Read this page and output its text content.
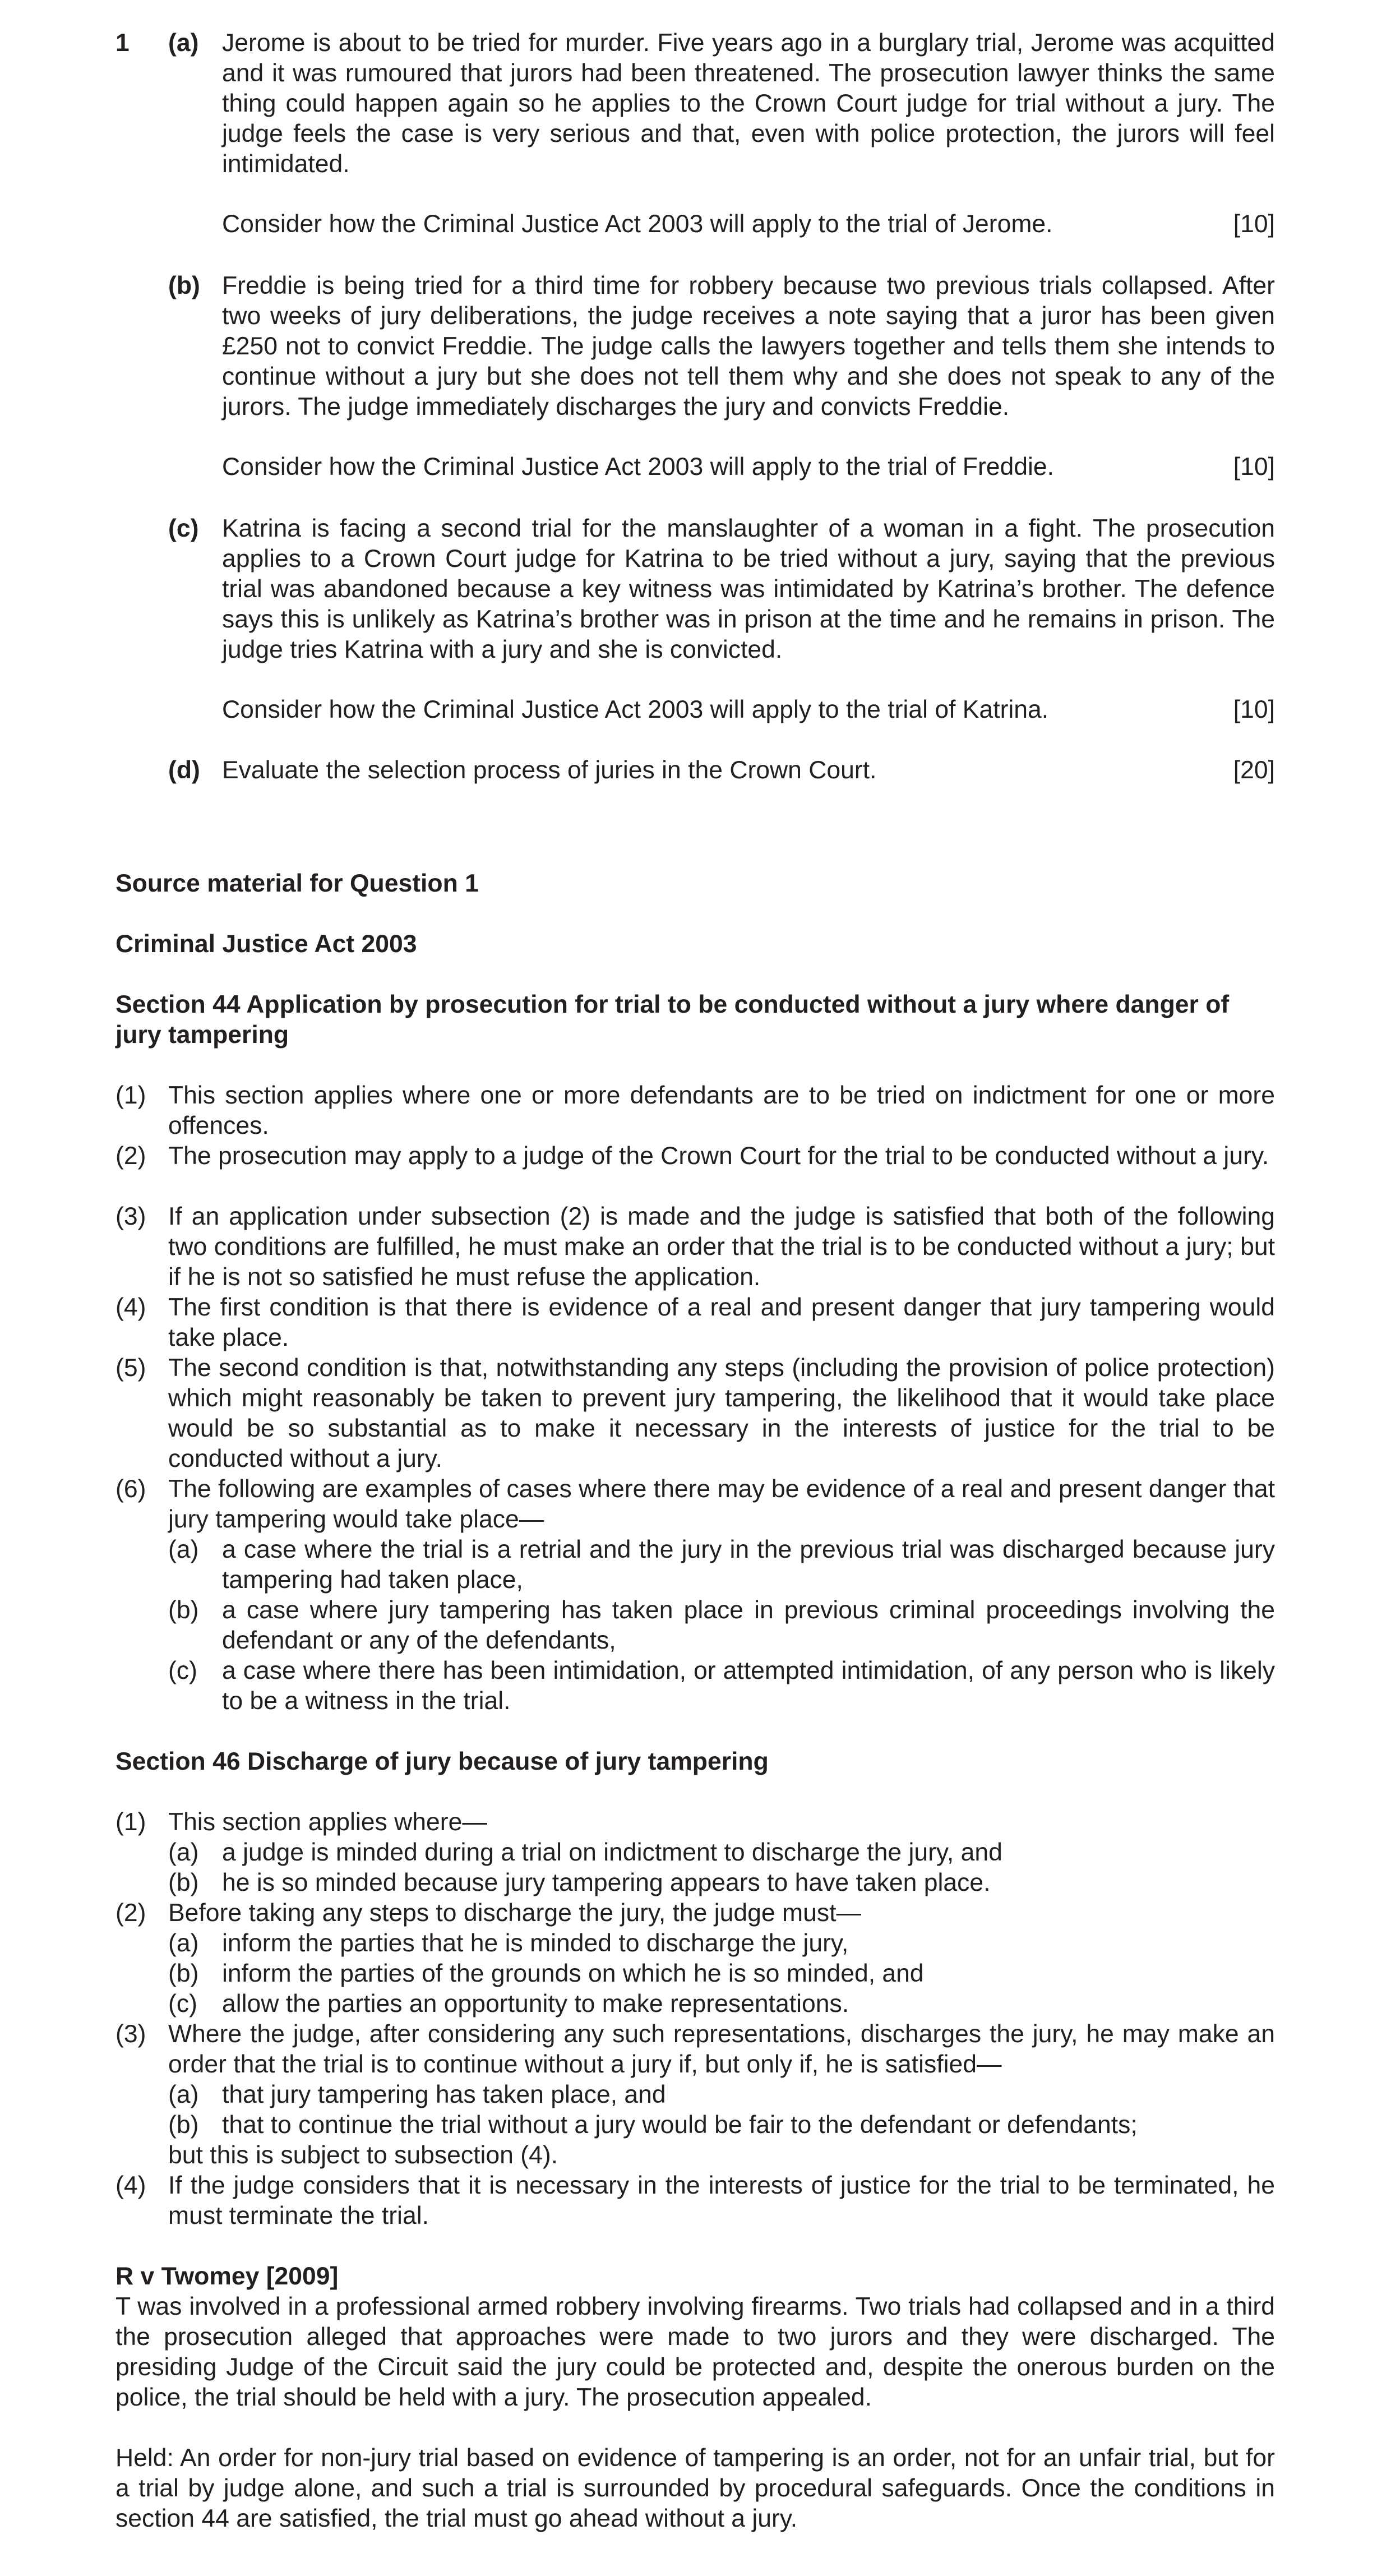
1 (a) Jerome is about to be tried for murder. Five years ago in a burglary trial, Jerome was acquitted and it was rumoured that jurors had been threatened. The prosecution lawyer thinks the same thing could happen again so he applies to the Crown Court judge for trial without a jury. The judge feels the case is very serious and that, even with police protection, the jurors will feel intimidated.
Consider how the Criminal Justice Act 2003 will apply to the trial of Jerome.	[10]
(b) Freddie is being tried for a third time for robbery because two previous trials collapsed. After two weeks of jury deliberations, the judge receives a note saying that a juror has been given £250 not to convict Freddie. The judge calls the lawyers together and tells them she intends to continue without a jury but she does not tell them why and she does not speak to any of the jurors. The judge immediately discharges the jury and convicts Freddie.
Consider how the Criminal Justice Act 2003 will apply to the trial of Freddie.	[10]
(c) Katrina is facing a second trial for the manslaughter of a woman in a fight. The prosecution applies to a Crown Court judge for Katrina to be tried without a jury, saying that the previous trial was abandoned because a key witness was intimidated by Katrina’s brother. The defence says this is unlikely as Katrina’s brother was in prison at the time and he remains in prison. The judge tries Katrina with a jury and she is convicted.
Consider how the Criminal Justice Act 2003 will apply to the trial of Katrina.	[10]
(d) Evaluate the selection process of juries in the Crown Court.	[20]
Source material for Question 1
Criminal Justice Act 2003
Section 44 Application by prosecution for trial to be conducted without a jury where danger of jury tampering
(1) This section applies where one or more defendants are to be tried on indictment for one or more offences.
(2) The prosecution may apply to a judge of the Crown Court for the trial to be conducted without a jury.
(3) If an application under subsection (2) is made and the judge is satisfied that both of the following two conditions are fulfilled, he must make an order that the trial is to be conducted without a jury; but if he is not so satisfied he must refuse the application.
(4) The first condition is that there is evidence of a real and present danger that jury tampering would take place.
(5) The second condition is that, notwithstanding any steps (including the provision of police protection) which might reasonably be taken to prevent jury tampering, the likelihood that it would take place would be so substantial as to make it necessary in the interests of justice for the trial to be conducted without a jury.
(6) The following are examples of cases where there may be evidence of a real and present danger that jury tampering would take place—
(a) a case where the trial is a retrial and the jury in the previous trial was discharged because jury tampering had taken place,
(b) a case where jury tampering has taken place in previous criminal proceedings involving the defendant or any of the defendants,
(c) a case where there has been intimidation, or attempted intimidation, of any person who is likely to be a witness in the trial.
Section 46 Discharge of jury because of jury tampering
(1) This section applies where—
(a) a judge is minded during a trial on indictment to discharge the jury, and
(b) he is so minded because jury tampering appears to have taken place.
(2) Before taking any steps to discharge the jury, the judge must—
(a) inform the parties that he is minded to discharge the jury,
(b) inform the parties of the grounds on which he is so minded, and
(c) allow the parties an opportunity to make representations.
(3) Where the judge, after considering any such representations, discharges the jury, he may make an order that the trial is to continue without a jury if, but only if, he is satisfied—
(a) that jury tampering has taken place, and
(b) that to continue the trial without a jury would be fair to the defendant or defendants;
but this is subject to subsection (4).
(4) If the judge considers that it is necessary in the interests of justice for the trial to be terminated, he must terminate the trial.
R v Twomey [2009]
T was involved in a professional armed robbery involving firearms. Two trials had collapsed and in a third the prosecution alleged that approaches were made to two jurors and they were discharged. The presiding Judge of the Circuit said the jury could be protected and, despite the onerous burden on the police, the trial should be held with a jury. The prosecution appealed.
Held: An order for non-jury trial based on evidence of tampering is an order, not for an unfair trial, but for a trial by judge alone, and such a trial is surrounded by procedural safeguards. Once the conditions in section 44 are satisfied, the trial must go ahead without a jury.
